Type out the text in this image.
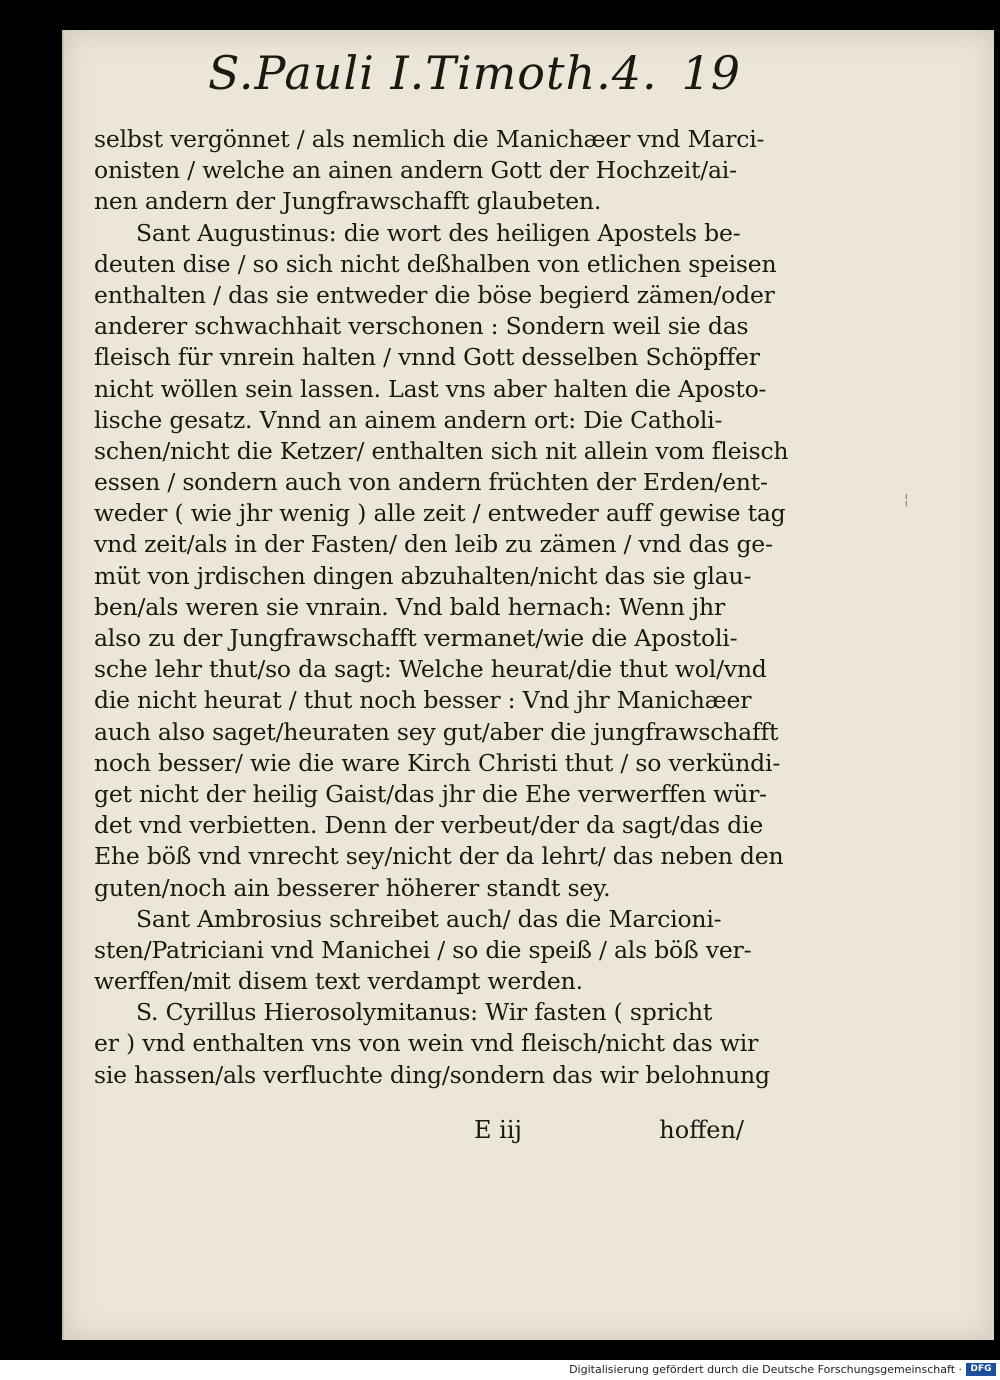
¦
S.Pauli I.Timoth.4. 19
selbst vergönnet / als nemlich die Manichæer vnd Marci-
onisten / welche an ainen andern Gott der Hochzeit/ai-
nen andern der Jungfrawschafft glaubeten.
Sant Augustinus: die wort des heiligen Apostels be-
deuten dise / so sich nicht deßhalben von etlichen speisen
enthalten / das sie entweder die böse begierd zämen/oder
anderer schwachhait verschonen : Sondern weil sie das
fleisch für vnrein halten / vnnd Gott desselben Schöpffer
nicht wöllen sein lassen. Last vns aber halten die Aposto-
lische gesatz. Vnnd an ainem andern ort: Die Catholi-
schen/nicht die Ketzer/ enthalten sich nit allein vom fleisch
essen / sondern auch von andern früchten der Erden/ent-
weder ( wie jhr wenig ) alle zeit / entweder auff gewise tag
vnd zeit/als in der Fasten/ den leib zu zämen / vnd das ge-
müt von jrdischen dingen abzuhalten/nicht das sie glau-
ben/als weren sie vnrain. Vnd bald hernach: Wenn jhr
also zu der Jungfrawschafft vermanet/wie die Apostoli-
sche lehr thut/so da sagt: Welche heurat/die thut wol/vnd
die nicht heurat / thut noch besser : Vnd jhr Manichæer
auch also saget/heuraten sey gut/aber die jungfrawschafft
noch besser/ wie die ware Kirch Christi thut / so verkündi-
get nicht der heilig Gaist/das jhr die Ehe verwerffen wür-
det vnd verbietten. Denn der verbeut/der da sagt/das die
Ehe böß vnd vnrecht sey/nicht der da lehrt/ das neben den
guten/noch ain besserer höherer standt sey.
Sant Ambrosius schreibet auch/ das die Marcioni-
sten/Patriciani vnd Manichei / so die speiß / als böß ver-
werffen/mit disem text verdampt werden.
S. Cyrillus Hierosolymitanus: Wir fasten ( spricht
er ) vnd enthalten vns von wein vnd fleisch/nicht das wir
sie hassen/als verfluchte ding/sondern das wir belohnung
E iij	hoffen/
Digitalisierung gefördert durch die Deutsche Forschungsgemeinschaft · DFG
